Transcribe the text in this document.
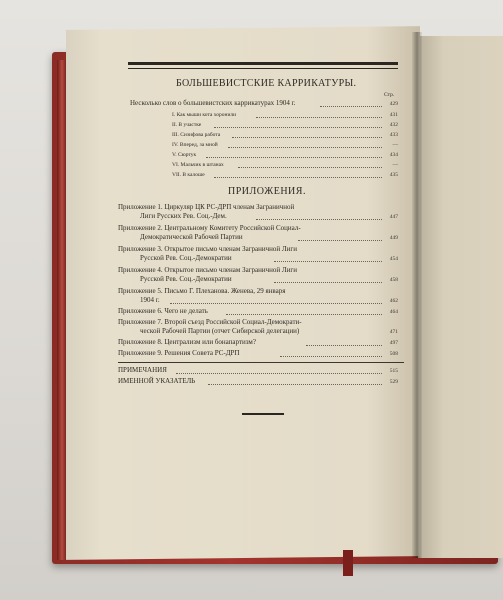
БОЛЬШЕВИСТСКИЕ КАРРИКАТУРЫ.
Стр.
Несколько слов о большевистских каррикатурах 1904 г.	429
I. Как мыши кота хоронили	431
II. В участке	432
III. Сизифова работа	433
IV. Вперед, за мной	—
V. Сюртук	434
VI. Мальчик в штанах	—
VII. В калоше	435
ПРИЛОЖЕНИЯ.
Приложение 1. Циркуляр ЦК РС-ДРП членам Заграничной
Лиги Русских Рев. Соц.-Дем.	447
Приложение 2. Центральному Комитету Российской Социал-
Демократической Рабочей Партии	449
Приложение 3. Открытое письмо членам Заграничной Лиги
Русской Рев. Соц.-Демократии	454
Приложение 4. Открытое письмо членам Заграничной Лиги
Русской Рев. Соц.-Демократии	458
Приложение 5. Письмо Г. Плеханова. Женева, 29 января
1904 г.	462
Приложение 6. Чего не делать	464
Приложение 7. Второй съезд Российской Социал-Демократи-
ческой Рабочей Партии (отчет Сибирской делегации)	471
Приложение 8. Централизм или бонапартизм?	497
Приложение 9. Решения Совета РС-ДРП	508
ПРИМЕЧАНИЯ	515
ИМЕННОЙ УКАЗАТЕЛЬ	529
